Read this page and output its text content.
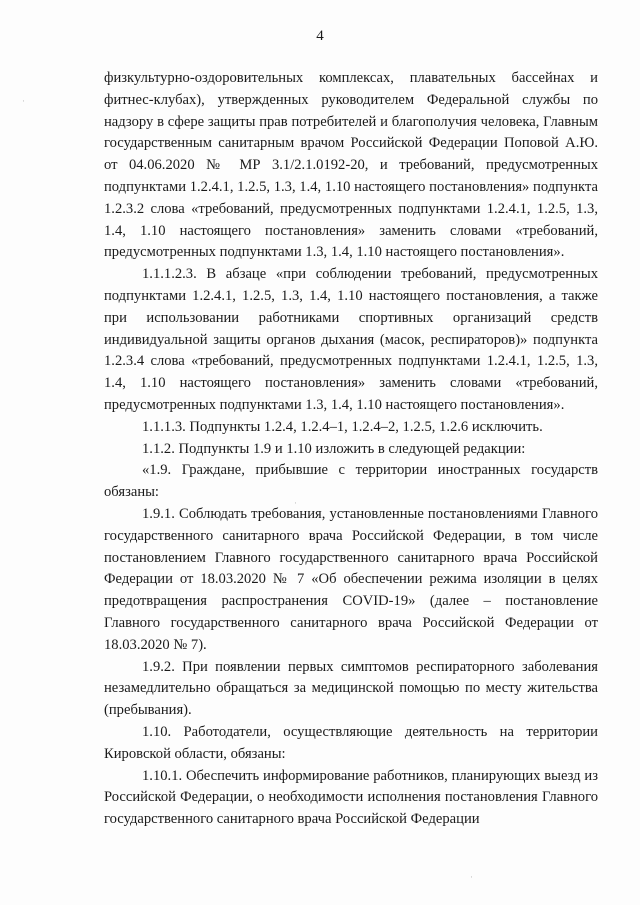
4

физкультурно-оздоровительных комплексах, плавательных бассейнах и фитнес-клубах), утвержденных руководителем Федеральной службы по надзору в сфере защиты прав потребителей и благополучия человека, Главным государственным санитарным врачом Российской Федерации Поповой А.Ю. от 04.06.2020 № МР 3.1/2.1.0192-20, и требований, предусмотренных подпунктами 1.2.4.1, 1.2.5, 1.3, 1.4, 1.10 настоящего постановления» подпункта 1.2.3.2 слова «требований, предусмотренных подпунктами 1.2.4.1, 1.2.5, 1.3, 1.4, 1.10 настоящего постановления» заменить словами «требований, предусмотренных подпунктами 1.3, 1.4, 1.10 настоящего постановления».

1.1.1.2.3. В абзаце «при соблюдении требований, предусмотренных подпунктами 1.2.4.1, 1.2.5, 1.3, 1.4, 1.10 настоящего постановления, а также при использовании работниками спортивных организаций средств индивидуальной защиты органов дыхания (масок, респираторов)» подпункта 1.2.3.4 слова «требований, предусмотренных подпунктами 1.2.4.1, 1.2.5, 1.3, 1.4, 1.10 настоящего постановления» заменить словами «требований, предусмотренных подпунктами 1.3, 1.4, 1.10 настоящего постановления».

1.1.1.3. Подпункты 1.2.4, 1.2.4–1, 1.2.4–2, 1.2.5, 1.2.6 исключить.

1.1.2. Подпункты 1.9 и 1.10 изложить в следующей редакции:

«1.9. Граждане, прибывшие с территории иностранных государств обязаны:

1.9.1. Соблюдать требования, установленные постановлениями Главного государственного санитарного врача Российской Федерации, в том числе постановлением Главного государственного санитарного врача Российской Федерации от 18.03.2020 № 7 «Об обеспечении режима изоляции в целях предотвращения распространения COVID-19» (далее – постановление Главного государственного санитарного врача Российской Федерации от 18.03.2020 № 7).

1.9.2. При появлении первых симптомов респираторного заболевания незамедлительно обращаться за медицинской помощью по месту жительства (пребывания).

1.10. Работодатели, осуществляющие деятельность на территории Кировской области, обязаны:

1.10.1. Обеспечить информирование работников, планирующих выезд из Российской Федерации, о необходимости исполнения постановления Главного государственного санитарного врача Российской Федерации

·
·
·
